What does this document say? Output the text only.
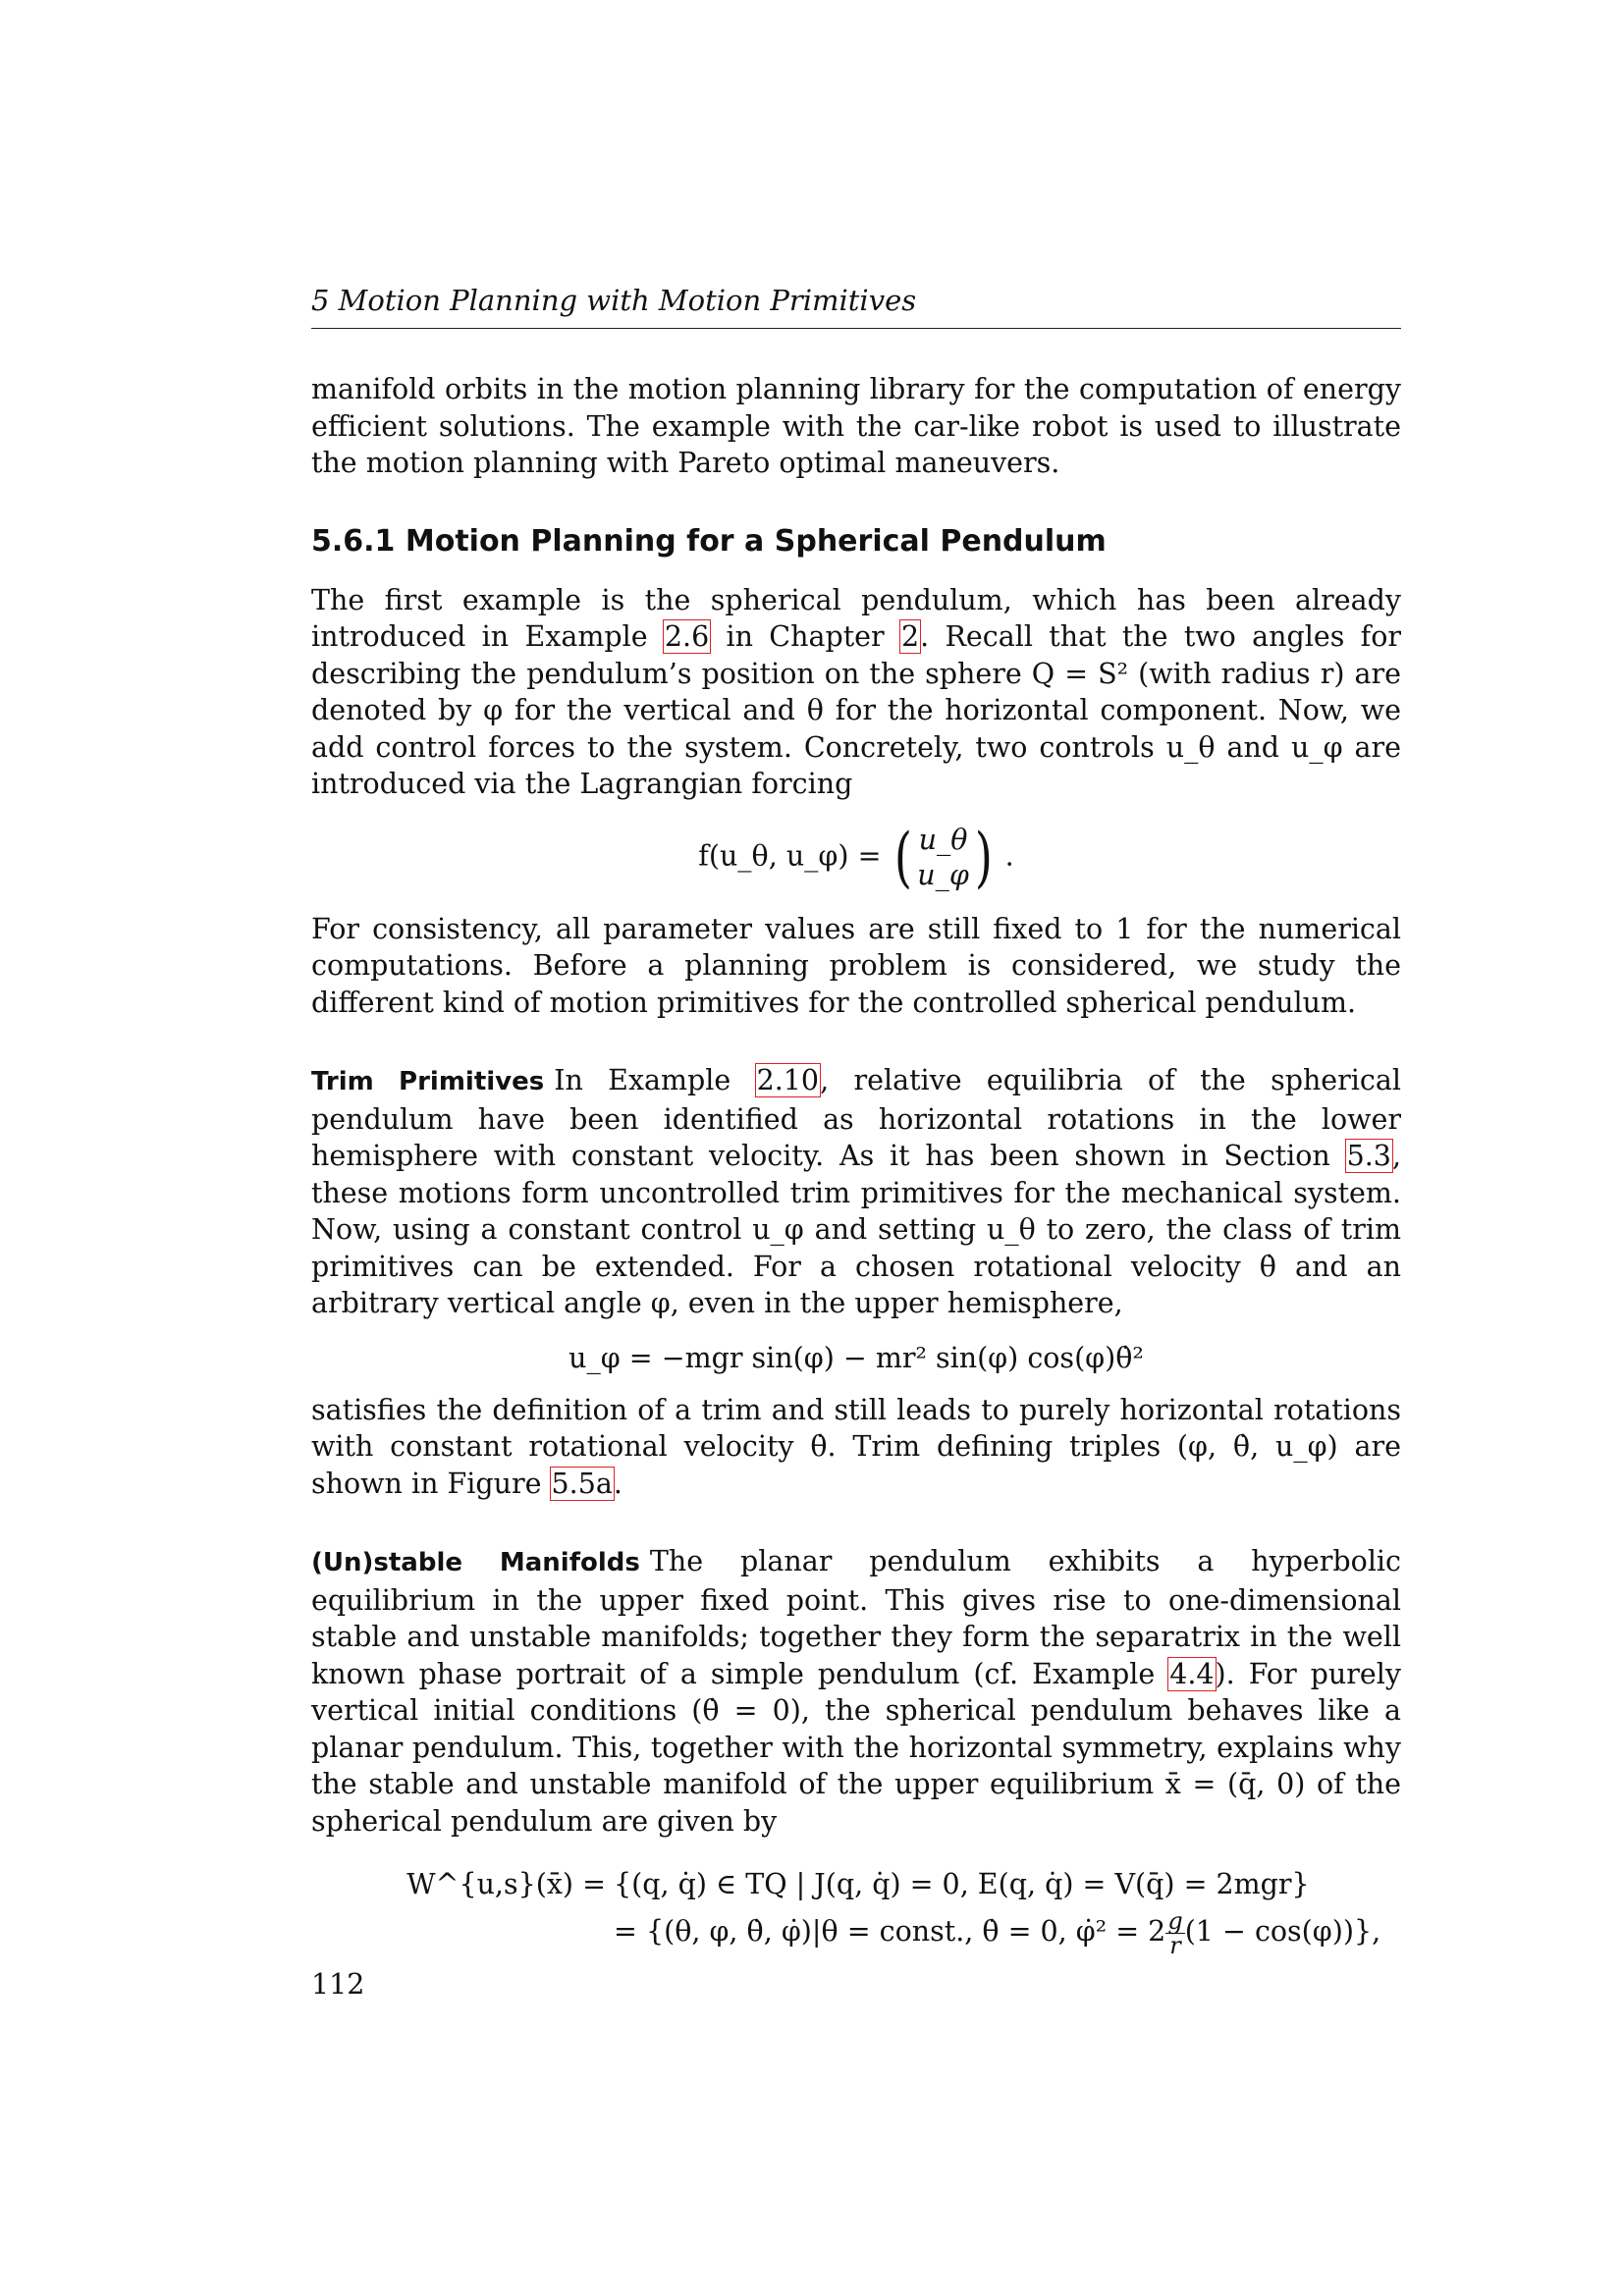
5 Motion Planning with Motion Primitives

manifold orbits in the motion planning library for the computation of energy efficient solutions. The example with the car-like robot is used to illustrate the motion planning with Pareto optimal maneuvers.

5.6.1 Motion Planning for a Spherical Pendulum

The first example is the spherical pendulum, which has been already introduced in Example 2.6 in Chapter 2. Recall that the two angles for describing the pendulum’s position on the sphere Q = S² (with radius r) are denoted by φ for the vertical and θ for the horizontal component. Now, we add control forces to the system. Concretely, two controls u_θ and u_φ are introduced via the Lagrangian forcing

f(u_θ, u_φ) = ( u_θ
u_φ ) .

For consistency, all parameter values are still fixed to 1 for the numerical computations. Before a planning problem is considered, we study the different kind of motion primitives for the controlled spherical pendulum.

Trim Primitives In Example 2.10, relative equilibria of the spherical pendulum have been identified as horizontal rotations in the lower hemisphere with constant velocity. As it has been shown in Section 5.3, these motions form uncontrolled trim primitives for the mechanical system. Now, using a constant control u_φ and setting u_θ to zero, the class of trim primitives can be extended. For a chosen rotational velocity θ̇ and an arbitrary vertical angle φ, even in the upper hemisphere,

u_φ = −mgr sin(φ) − mr² sin(φ) cos(φ)θ̇²

satisfies the definition of a trim and still leads to purely horizontal rotations with constant rotational velocity θ̇. Trim defining triples (φ, θ̇, u_φ) are shown in Figure 5.5a.

(Un)stable Manifolds The planar pendulum exhibits a hyperbolic equilibrium in the upper fixed point. This gives rise to one-dimensional stable and unstable manifolds; together they form the separatrix in the well known phase portrait of a simple pendulum (cf. Example 4.4). For purely vertical initial conditions (θ̇ = 0), the spherical pendulum behaves like a planar pendulum. This, together with the horizontal symmetry, explains why the stable and unstable manifold of the upper equilibrium x̄ = (q̄, 0) of the spherical pendulum are given by

W^{u,s}(x̄) = {(q, q̇) ∈ TQ | J(q, q̇) = 0, E(q, q̇) = V(q̄) = 2mgr}
= {(θ, φ, θ̇, φ̇)|θ = const., θ̇ = 0, φ̇² = $2 \frac{g}{r} (1 - \cos(\varphi))$},
112
